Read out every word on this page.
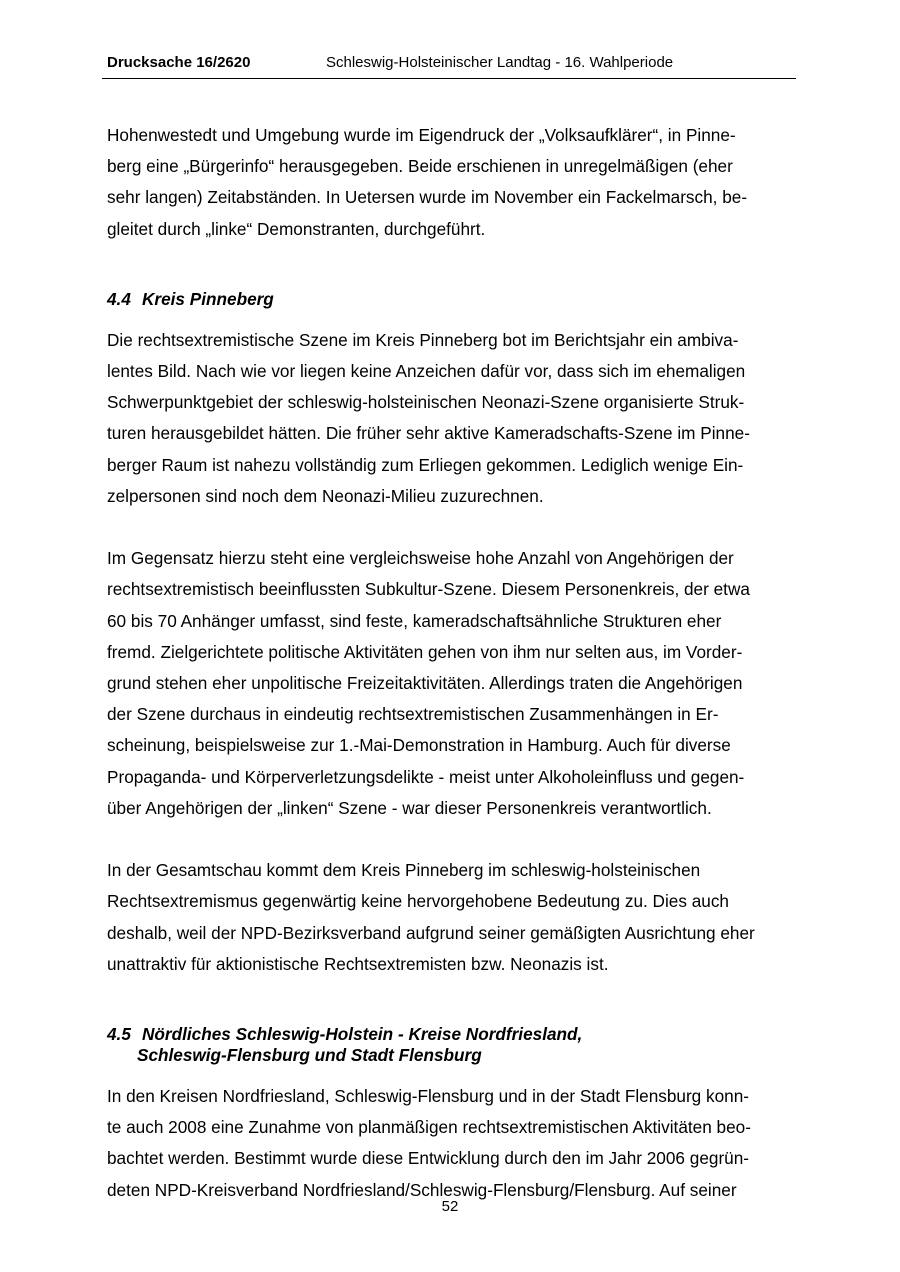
Drucksache 16/2620	Schleswig-Holsteinischer Landtag - 16. Wahlperiode

Hohenwestedt und Umgebung wurde im Eigendruck der „Volksaufklärer“, in Pinne-
berg eine „Bürgerinfo“ herausgegeben. Beide erschienen in unregelmäßigen (eher
sehr langen) Zeitabständen. In Uetersen wurde im November ein Fackelmarsch, be-
gleitet durch „linke“ Demonstranten, durchgeführt.

4.4 Kreis Pinneberg

Die rechtsextremistische Szene im Kreis Pinneberg bot im Berichtsjahr ein ambiva-
lentes Bild. Nach wie vor liegen keine Anzeichen dafür vor, dass sich im ehemaligen
Schwerpunktgebiet der schleswig-holsteinischen Neonazi-Szene organisierte Struk-
turen herausgebildet hätten. Die früher sehr aktive Kameradschafts-Szene im Pinne-
berger Raum ist nahezu vollständig zum Erliegen gekommen. Lediglich wenige Ein-
zelpersonen sind noch dem Neonazi-Milieu zuzurechnen.

Im Gegensatz hierzu steht eine vergleichsweise hohe Anzahl von Angehörigen der
rechtsextremistisch beeinflussten Subkultur-Szene. Diesem Personenkreis, der etwa
60 bis 70 Anhänger umfasst, sind feste, kameradschaftsähnliche Strukturen eher
fremd. Zielgerichtete politische Aktivitäten gehen von ihm nur selten aus, im Vorder-
grund stehen eher unpolitische Freizeitaktivitäten. Allerdings traten die Angehörigen
der Szene durchaus in eindeutig rechtsextremistischen Zusammenhängen in Er-
scheinung, beispielsweise zur 1.-Mai-Demonstration in Hamburg. Auch für diverse
Propaganda- und Körperverletzungsdelikte - meist unter Alkoholeinfluss und gegen-
über Angehörigen der „linken“ Szene - war dieser Personenkreis verantwortlich.

In der Gesamtschau kommt dem Kreis Pinneberg im schleswig-holsteinischen
Rechtsextremismus gegenwärtig keine hervorgehobene Bedeutung zu. Dies auch
deshalb, weil der NPD-Bezirksverband aufgrund seiner gemäßigten Ausrichtung eher
unattraktiv für aktionistische Rechtsextremisten bzw. Neonazis ist.

4.5 Nördliches Schleswig-Holstein - Kreise Nordfriesland,
Schleswig-Flensburg und Stadt Flensburg

In den Kreisen Nordfriesland, Schleswig-Flensburg und in der Stadt Flensburg konn-
te auch 2008 eine Zunahme von planmäßigen rechtsextremistischen Aktivitäten beo-
bachtet werden. Bestimmt wurde diese Entwicklung durch den im Jahr 2006 gegrün-
deten NPD-Kreisverband Nordfriesland/Schleswig-Flensburg/Flensburg. Auf seiner

52
